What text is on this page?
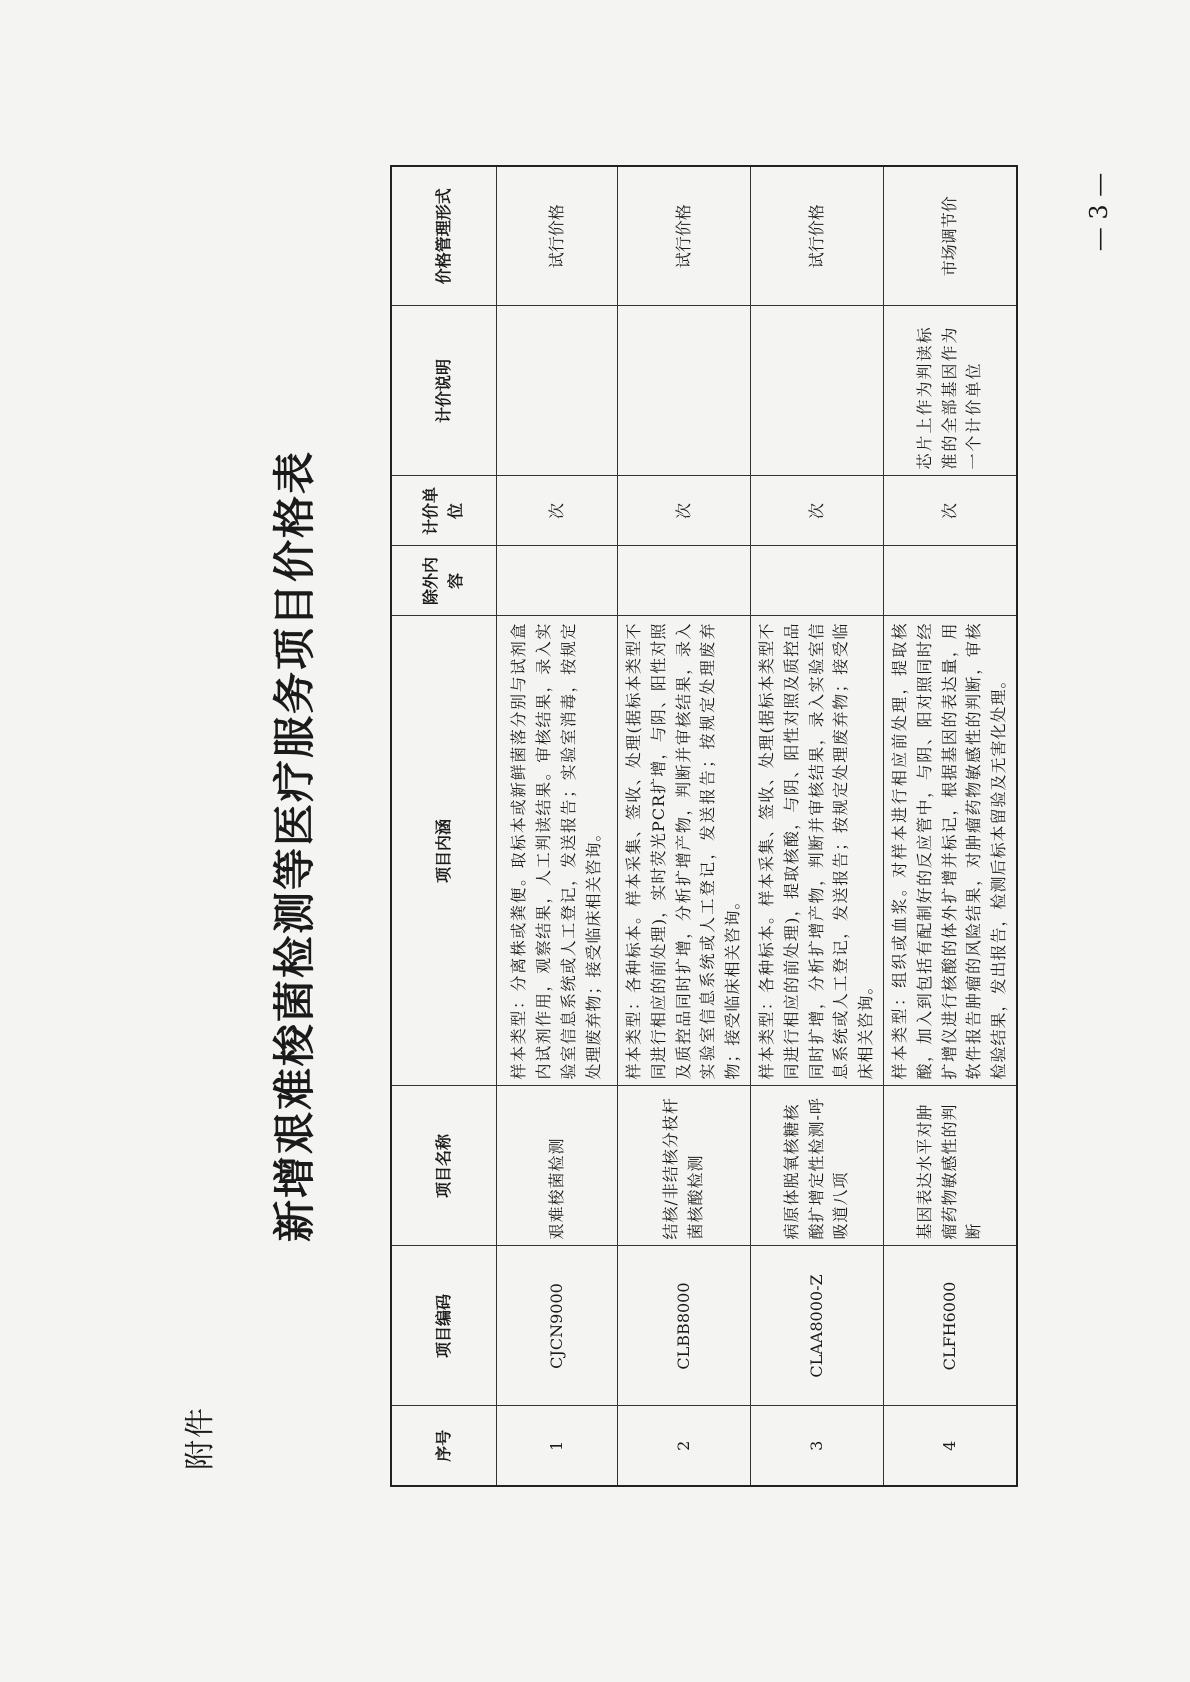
附件
新增艰难梭菌检测等医疗服务项目价格表
序号	项目编码	项目名称	项目内涵	除外内容	计价单位	计价说明	价格管理形式
1	CJCN9000	艰难梭菌检测	样本类型：分离株或粪便。取标本或新鲜菌落分别与试剂盒内试剂作用，观察结果，人工判读结果。审核结果，录入实验室信息系统或人工登记，发送报告；实验室消毒，按规定处理废弃物；接受临床相关咨询。		次		试行价格
2	CLBB8000	结核/非结核分枝杆菌核酸检测	样本类型：各种标本。样本采集、签收、处理(据标本类型不同进行相应的前处理)，实时荧光PCR扩增，与阴、阳性对照及质控品同时扩增，分析扩增产物，判断并审核结果，录入实验室信息系统或人工登记，发送报告；按规定处理废弃物；接受临床相关咨询。		次		试行价格
3	CLAA8000-Z	病原体脱氧核糖核酸扩增定性检测-呼吸道八项	样本类型：各种标本。样本采集、签收、处理(据标本类型不同进行相应的前处理)，提取核酸，与阴、阳性对照及质控品同时扩增，分析扩增产物，判断并审核结果，录入实验室信息系统或人工登记，发送报告；按规定处理废弃物；接受临床相关咨询。		次		试行价格
4	CLFH6000	基因表达水平对肿瘤药物敏感性的判断	样本类型：组织或血浆。对样本进行相应前处理，提取核酸，加入到包括有配制好的反应管中，与阴、阳对照同时经扩增仪进行核酸的体外扩增并标记，根据基因的表达量，用软件报告肿瘤的风险结果，对肿瘤药物敏感性的判断，审核检验结果，发出报告，检测后标本留验及无害化处理。		次	芯片上作为判读标准的全部基因作为一个计价单位	市场调节价	— 3 —
